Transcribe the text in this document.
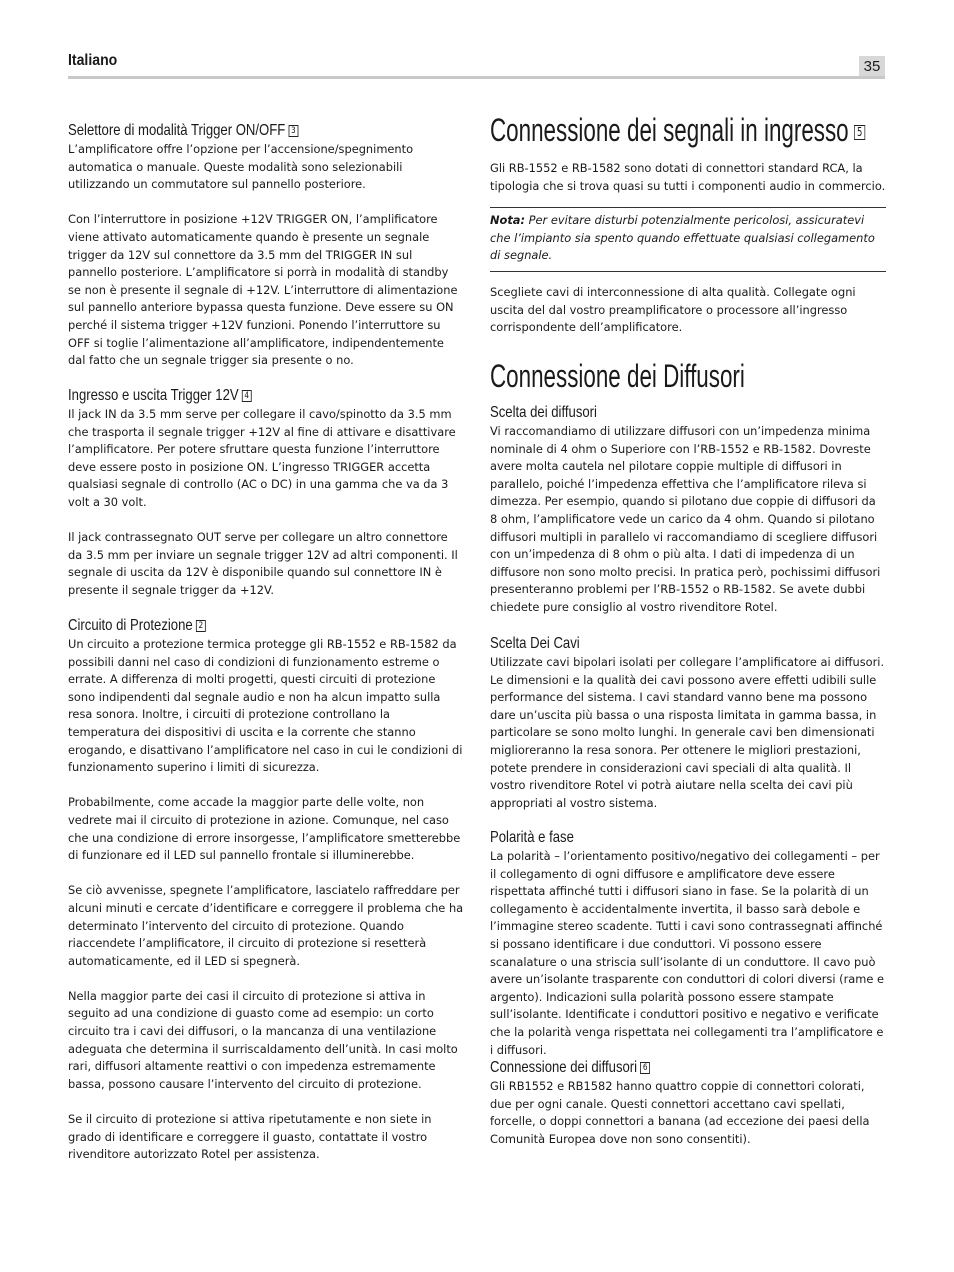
Italiano	35
Selettore di modalità Trigger ON/OFF 3

L’amplificatore offre l’opzione per l’accensione/spegnimento automatica o manuale. Queste modalità sono selezionabili utilizzando un commutatore sul pannello posteriore.

Con l’interruttore in posizione +12V TRIGGER ON, l’amplificatore viene attivato automaticamente quando è presente un segnale trigger da 12V sul connettore da 3.5 mm del TRIGGER IN sul pannello posteriore. L’amplificatore si porrà in modalità di standby se non è presente il segnale di +12V. L’interruttore di alimentazione sul pannello anteriore bypassa questa funzione. Deve essere su ON perché il sistema trigger +12V funzioni. Ponendo l’interruttore su OFF si toglie l’alimentazione all’amplificatore, indipendentemente dal fatto che un segnale trigger sia presente o no.

Ingresso e uscita Trigger 12V 4

Il jack IN da 3.5 mm serve per collegare il cavo/spinotto da 3.5 mm che trasporta il segnale trigger +12V al fine di attivare e disattivare l’amplificatore. Per potere sfruttare questa funzione l’interruttore deve essere posto in posizione ON. L’ingresso TRIGGER accetta qualsiasi segnale di controllo (AC o DC) in una gamma che va da 3 volt a 30 volt.

Il jack contrassegnato OUT serve per collegare un altro connettore da 3.5 mm per inviare un segnale trigger 12V ad altri componenti. Il segnale di uscita da 12V è disponibile quando sul connettore IN è presente il segnale trigger da +12V.

Circuito di Protezione 2

Un circuito a protezione termica protegge gli RB-1552 e RB-1582 da possibili danni nel caso di condizioni di funzionamento estreme o errate. A differenza di molti progetti, questi circuiti di protezione sono indipendenti dal segnale audio e non ha alcun impatto sulla resa sonora. Inoltre, i circuiti di protezione controllano la temperatura dei dispositivi di uscita e la corrente che stanno erogando, e disattivano l’amplificatore nel caso in cui le condizioni di funzionamento superino i limiti di sicurezza.

Probabilmente, come accade la maggior parte delle volte, non vedrete mai il circuito di protezione in azione. Comunque, nel caso che una condizione di errore insorgesse, l’amplificatore smetterebbe di funzionare ed il LED sul pannello frontale si illuminerebbe.

Se ciò avvenisse, spegnete l’amplificatore, lasciatelo raffreddare per alcuni minuti e cercate d’identificare e correggere il problema che ha determinato l’intervento del circuito di protezione. Quando riaccendete l’amplificatore, il circuito di protezione si resetterà automaticamente, ed il LED si spegnerà.

Nella maggior parte dei casi il circuito di protezione si attiva in seguito ad una condizione di guasto come ad esempio: un corto circuito tra i cavi dei diffusori, o la mancanza di una ventilazione adeguata che determina il surriscaldamento dell’unità. In casi molto rari, diffusori altamente reattivi o con impedenza estremamente bassa, possono causare l’intervento del circuito di protezione.

Se il circuito di protezione si attiva ripetutamente e non siete in grado di identificare e correggere il guasto, contattate il vostro rivenditore autorizzato Rotel per assistenza.

Connessione dei segnali in ingresso 5

Gli RB-1552 e RB-1582 sono dotati di connettori standard RCA, la tipologia che si trova quasi su tutti i componenti audio in commercio.

Nota: Per evitare disturbi potenzialmente pericolosi, assicuratevi che l’impianto sia spento quando effettuate qualsiasi collegamento di segnale.

Scegliete cavi di interconnessione di alta qualità. Collegate ogni uscita del dal vostro preamplificatore o processore all’ingresso corrispondente dell’amplificatore.

Connessione dei Diffusori
Scelta dei diffusori

Vi raccomandiamo di utilizzare diffusori con un’impedenza minima nominale di 4 ohm o Superiore con l’RB-1552 e RB-1582. Dovreste avere molta cautela nel pilotare coppie multiple di diffusori in parallelo, poiché l’impedenza effettiva che l’amplificatore rileva si dimezza. Per esempio, quando si pilotano due coppie di diffusori da 8 ohm, l’amplificatore vede un carico da 4 ohm. Quando si pilotano diffusori multipli in parallelo vi raccomandiamo di scegliere diffusori con un’impedenza di 8 ohm o più alta. I dati di impedenza di un diffusore non sono molto precisi. In pratica però, pochissimi diffusori presenteranno problemi per l’RB-1552 o RB-1582. Se avete dubbi chiedete pure consiglio al vostro rivenditore Rotel.

Scelta Dei Cavi

Utilizzate cavi bipolari isolati per collegare l’amplificatore ai diffusori. Le dimensioni e la qualità dei cavi possono avere effetti udibili sulle performance del sistema. I cavi standard vanno bene ma possono dare un’uscita più bassa o una risposta limitata in gamma bassa, in particolare se sono molto lunghi. In generale cavi ben dimensionati miglioreranno la resa sonora. Per ottenere le migliori prestazioni, potete prendere in considerazioni cavi speciali di alta qualità. Il vostro rivenditore Rotel vi potrà aiutare nella scelta dei cavi più appropriati al vostro sistema.

Polarità e fase

La polarità – l’orientamento positivo/negativo dei collegamenti – per il collegamento di ogni diffusore e amplificatore deve essere rispettata affinché tutti i diffusori siano in fase. Se la polarità di un collegamento è accidentalmente invertita, il basso sarà debole e l’immagine stereo scadente. Tutti i cavi sono contrassegnati affinché si possano identificare i due conduttori. Vi possono essere scanalature o una striscia sull’isolante di un conduttore. Il cavo può avere un’isolante trasparente con conduttori di colori diversi (rame e argento). Indicazioni sulla polarità possono essere stampate sull’isolante. Identificate i conduttori positivo e negativo e verificate che la polarità venga rispettata nei collegamenti tra l’amplificatore e i diffusori.

Connessione dei diffusori 6

Gli RB1552 e RB1582 hanno quattro coppie di connettori colorati, due per ogni canale. Questi connettori accettano cavi spellati, forcelle, o doppi connettori a banana (ad eccezione dei paesi della Comunità Europea dove non sono consentiti).
